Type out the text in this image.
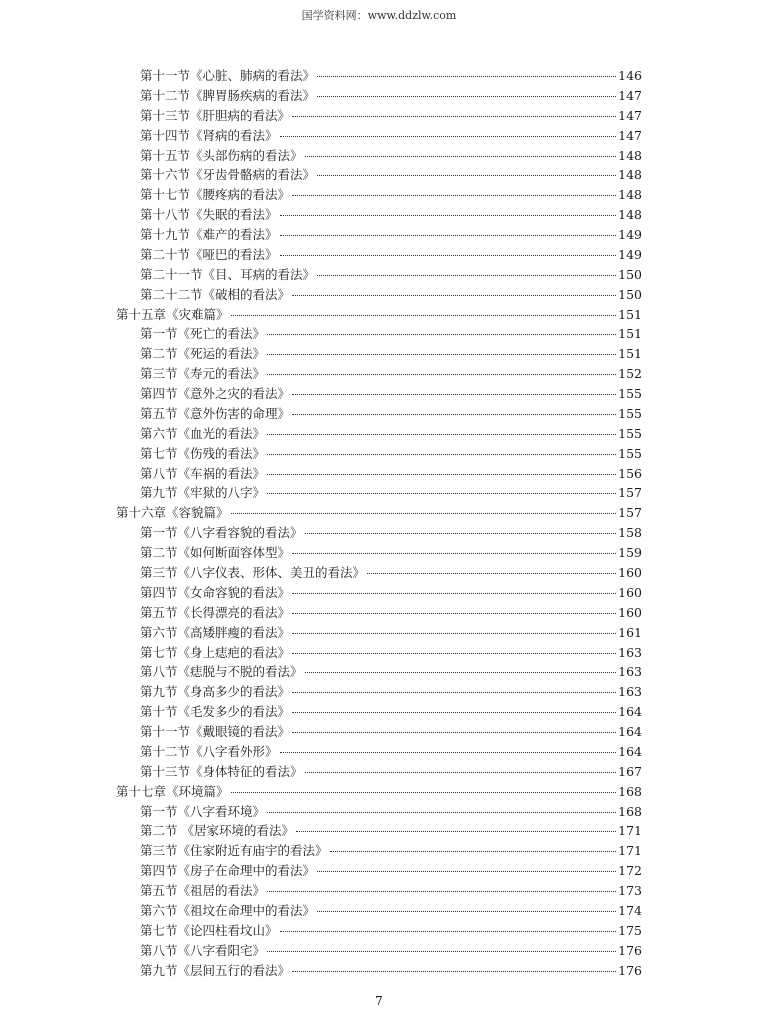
国学资料网：www.ddzlw.com
第十一节《心脏、肺病的看法》	146
第十二节《脾胃肠疾病的看法》	147
第十三节《肝胆病的看法》	147
第十四节《肾病的看法》	147
第十五节《头部伤病的看法》	148
第十六节《牙齿骨骼病的看法》	148
第十七节《腰疼病的看法》	148
第十八节《失眠的看法》	148
第十九节《难产的看法》	149
第二十节《哑巴的看法》	149
第二十一节《目、耳病的看法》	150
第二十二节《破相的看法》	150
第十五章《灾难篇》	151
第一节《死亡的看法》	151
第二节《死运的看法》	151
第三节《寿元的看法》	152
第四节《意外之灾的看法》	155
第五节《意外伤害的命理》	155
第六节《血光的看法》	155
第七节《伤残的看法》	155
第八节《车祸的看法》	156
第九节《牢狱的八字》	157
第十六章《容貌篇》	157
第一节《八字看容貌的看法》	158
第二节《如何断面容体型》	159
第三节《八字仪表、形体、美丑的看法》	160
第四节《女命容貌的看法》	160
第五节《长得漂亮的看法》	160
第六节《高矮胖瘦的看法》	161
第七节《身上痣疤的看法》	163
第八节《痣脱与不脱的看法》	163
第九节《身高多少的看法》	163
第十节《毛发多少的看法》	164
第十一节《戴眼镜的看法》	164
第十二节《八字看外形》	164
第十三节《身体特征的看法》	167
第十七章《环境篇》	168
第一节《八字看环境》	168
第二节 《居家环境的看法》	171
第三节《住家附近有庙宇的看法》	171
第四节《房子在命理中的看法》	172
第五节《祖居的看法》	173
第六节《祖坟在命理中的看法》	174
第七节《论四柱看坟山》	175
第八节《八字看阳宅》	176
第九节《层间五行的看法》	176
7
